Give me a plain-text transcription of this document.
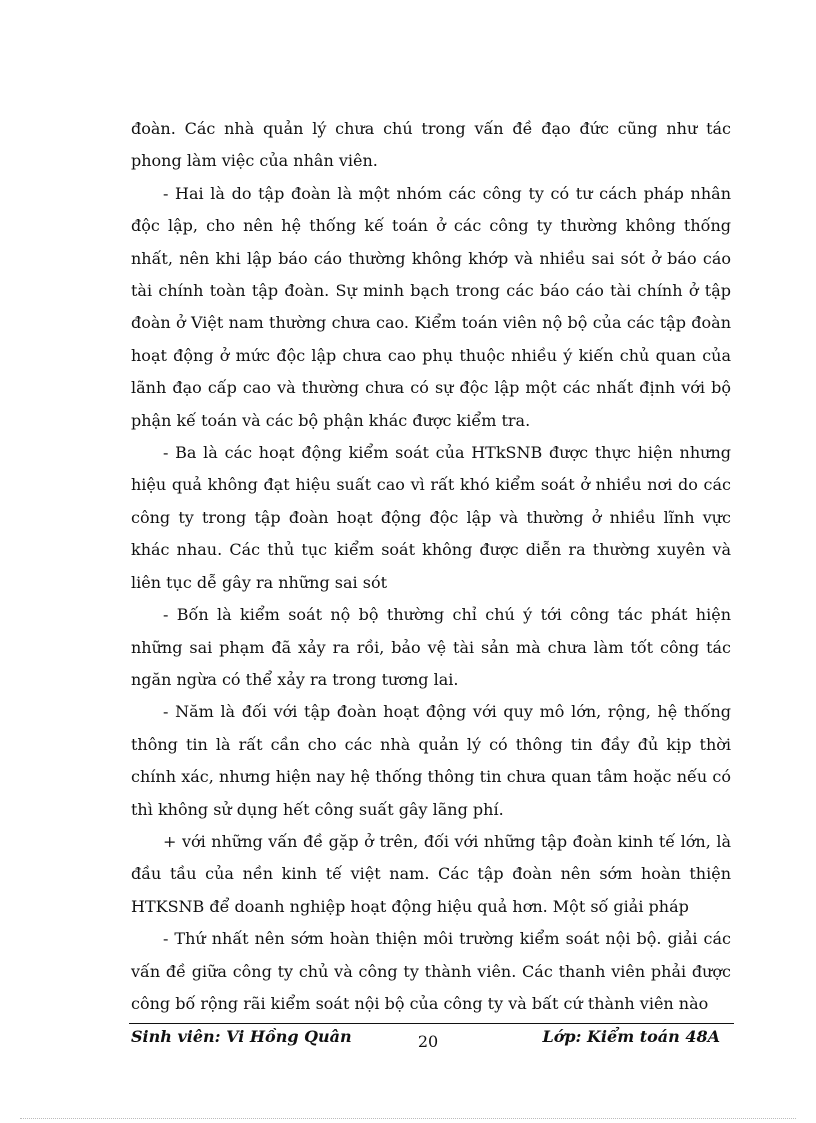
đoàn. Các nhà quản lý chưa chú trong vấn đề đạo đức cũng như tác phong làm việc của nhân viên.

- Hai là do tập đoàn là một nhóm các công ty có tư cách pháp nhân độc lập, cho nên hệ thống kế toán ở các công ty thường không thống nhất, nên khi lập báo cáo thường không khớp và nhiều sai sót ở báo cáo tài chính toàn tập đoàn. Sự minh bạch trong các báo cáo tài chính ở tập đoàn ở Việt nam thường chưa cao. Kiểm toán viên nộ bộ của các tập đoàn hoạt động ở mức độc lập chưa cao phụ thuộc nhiều ý kiến chủ quan của lãnh đạo cấp cao và thường chưa có sự độc lập một các nhất định với bộ phận kế toán và các bộ phận khác được kiểm tra.

- Ba là các hoạt động kiểm soát của HTkSNB được thực hiện nhưng hiệu quả không đạt hiệu suất cao vì rất khó kiểm soát ở nhiều nơi do các công ty trong tập đoàn hoạt động độc lập và thường ở nhiều lĩnh vực khác nhau. Các thủ tục kiểm soát không được diễn ra thường xuyên và liên tục dễ gây ra những sai sót

- Bốn là kiểm soát nộ bộ thường chỉ chú ý tới công tác phát hiện những sai phạm đã xảy ra rồi, bảo vệ tài sản mà chưa làm tốt công tác ngăn ngừa có thể xảy ra trong tương lai.

- Năm là đối với tập đoàn hoạt động với quy mô lớn, rộng, hệ thống thông tin là rất cần cho các nhà quản lý có thông tin đầy đủ kịp thời chính xác, nhưng hiện nay hệ thống thông tin chưa quan tâm hoặc nếu có thì không sử dụng hết công suất gây lãng phí.

+ với những vấn đề gặp ở trên, đối với những tập đoàn kinh tế lớn, là đầu tầu của nền kinh tế việt nam. Các tập đoàn nên sớm hoàn thiện HTKSNB để doanh nghiệp hoạt động hiệu quả hơn. Một số giải pháp

- Thứ nhất nên sớm hoàn thiện môi trường kiểm soát nội bộ. giải các vấn đề giữa công ty chủ và công ty thành viên. Các thanh viên phải được công bố rộng rãi kiểm soát nội bộ của công ty và bất cứ thành viên nào

Sinh viên: Vi Hồng Quân	20	Lớp: Kiểm toán 48A
